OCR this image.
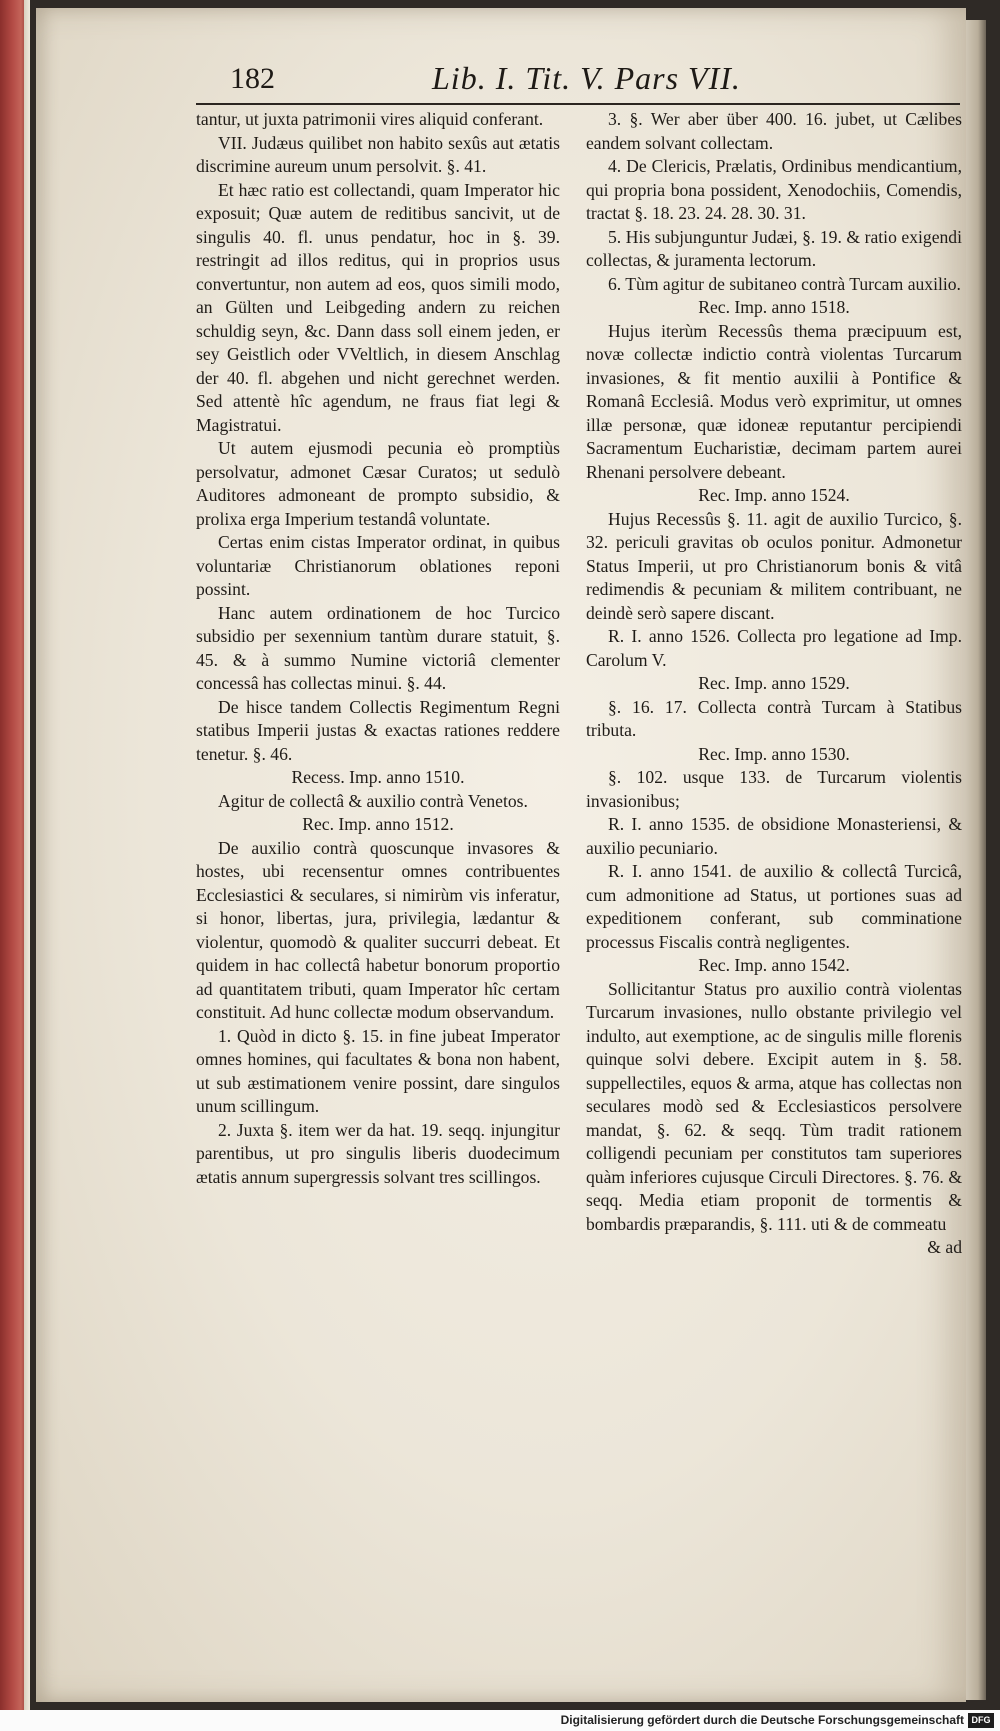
182	Lib. I. Tit. V. Pars VII.

tantur, ut juxta patrimonii vires aliquid conferant.

VII. Judæus quilibet non habito sexûs aut ætatis discrimine aureum unum persolvit. §. 41.

Et hæc ratio est collectandi, quam Imperator hic exposuit; Quæ autem de reditibus sancivit, ut de singulis 40. fl. unus pendatur, hoc in §. 39. restringit ad illos reditus, qui in proprios usus convertuntur, non autem ad eos, quos simili modo, an Gülten und Leibgeding andern zu reichen schuldig seyn, &c. Dann dass soll einem jeden, er sey Geistlich oder VVeltlich, in diesem Anschlag der 40. fl. abgehen und nicht gerechnet werden. Sed attentè hîc agendum, ne fraus fiat legi & Magistratui.

Ut autem ejusmodi pecunia eò promptiùs persolvatur, admonet Cæsar Curatos; ut sedulò Auditores admoneant de prompto subsidio, & prolixa erga Imperium testandâ voluntate.

Certas enim cistas Imperator ordinat, in quibus voluntariæ Christianorum oblationes reponi possint.

Hanc autem ordinationem de hoc Turcico subsidio per sexennium tantùm durare statuit, §. 45. & à summo Numine victoriâ clementer concessâ has collectas minui. §. 44.

De hisce tandem Collectis Regimentum Regni statibus Imperii justas & exactas rationes reddere tenetur. §. 46.

Recess. Imp. anno 1510.

Agitur de collectâ & auxilio contrà Venetos.

Rec. Imp. anno 1512.

De auxilio contrà quoscunque invasores & hostes, ubi recensentur omnes contribuentes Ecclesiastici & seculares, si nimirùm vis inferatur, si honor, libertas, jura, privilegia, lædantur & violentur, quomodò & qualiter succurri debeat. Et quidem in hac collectâ habetur bonorum proportio ad quantitatem tributi, quam Imperator hîc certam constituit. Ad hunc collectæ modum observandum.

1. Quòd in dicto §. 15. in fine jubeat Imperator omnes homines, qui facultates & bona non habent, ut sub æstimationem venire possint, dare singulos unum scillingum.

2. Juxta §. item wer da hat. 19. seqq. injungitur parentibus, ut pro singulis liberis duodecimum ætatis annum supergressis solvant tres scillingos.

3. §. Wer aber über 400. 16. jubet, ut Cælibes eandem solvant collectam.

4. De Clericis, Prælatis, Ordinibus mendicantium, qui propria bona possident, Xenodochiis, Comendis, tractat §. 18. 23. 24. 28. 30. 31.

5. His subjunguntur Judæi, §. 19. & ratio exigendi collectas, & juramenta lectorum.

6. Tùm agitur de subitaneo contrà Turcam auxilio.

Rec. Imp. anno 1518.

Hujus iterùm Recessûs thema præcipuum est, novæ collectæ indictio contrà violentas Turcarum invasiones, & fit mentio auxilii à Pontifice & Romanâ Ecclesiâ. Modus verò exprimitur, ut omnes illæ personæ, quæ idoneæ reputantur percipiendi Sacramentum Eucharistiæ, decimam partem aurei Rhenani persolvere debeant.

Rec. Imp. anno 1524.

Hujus Recessûs §. 11. agit de auxilio Turcico, §. 32. periculi gravitas ob oculos ponitur. Admonetur Status Imperii, ut pro Christianorum bonis & vitâ redimendis & pecuniam & militem contribuant, ne deindè serò sapere discant.

R. I. anno 1526. Collecta pro legatione ad Imp. Carolum V.

Rec. Imp. anno 1529.

§. 16. 17. Collecta contrà Turcam à Statibus tributa.

Rec. Imp. anno 1530.

§. 102. usque 133. de Turcarum violentis invasionibus;

R. I. anno 1535. de obsidione Monasteriensi, & auxilio pecuniario.

R. I. anno 1541. de auxilio & collectâ Turcicâ, cum admonitione ad Status, ut portiones suas ad expeditionem conferant, sub comminatione processus Fiscalis contrà negligentes.

Rec. Imp. anno 1542.

Sollicitantur Status pro auxilio contrà violentas Turcarum invasiones, nullo obstante privilegio vel indulto, aut exemptione, ac de singulis mille florenis quinque solvi debere. Excipit autem in §. 58. suppellectiles, equos & arma, atque has collectas non seculares modò sed & Ecclesiasticos persolvere mandat, §. 62. & seqq. Tùm tradit rationem colligendi pecuniam per constitutos tam superiores quàm inferiores cujusque Circuli Directores. §. 76. & seqq. Media etiam proponit de tormentis & bombardis præparandis, §. 111. uti & de commeatu

& ad

Digitalisierung gefördert durch die Deutsche Forschungsgemeinschaft DFG
